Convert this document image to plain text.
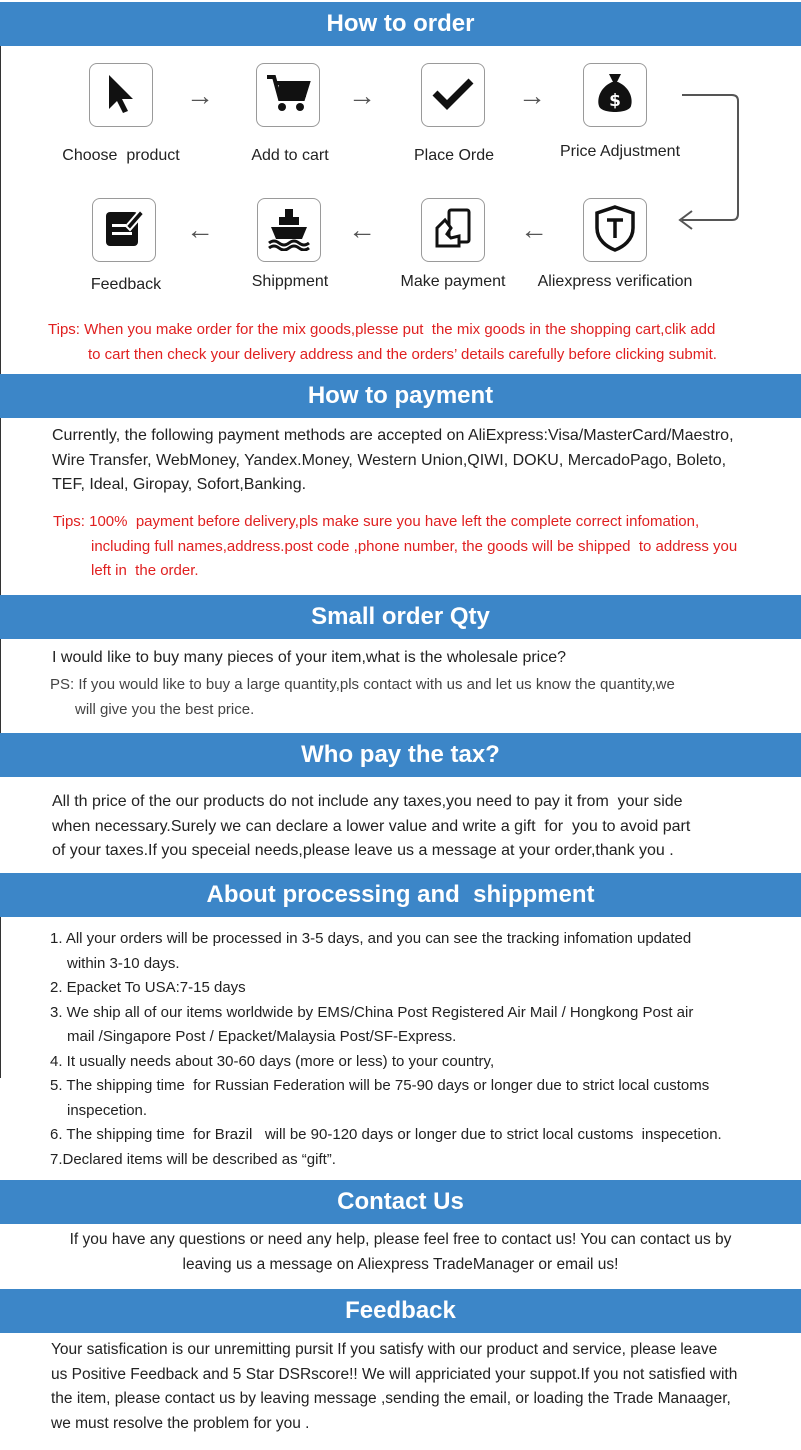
How to order
$
Choose  product	Add to cart	Place Orde	Price Adjustment
→	→	→
Feedback	Shippment	Make payment Aliexpress verification
←	←	←
Tips: When you make order for the mix goods,plesse put  the mix goods in the shopping cart,clik add
to cart then check your delivery address and the orders’ details carefully before clicking submit.
How to payment
Currently, the following payment methods are accepted on AliExpress:Visa/MasterCard/Maestro,
Wire Transfer, WebMoney, Yandex.Money, Western Union,QIWI, DOKU, MercadoPago, Boleto,
TEF, Ideal, Giropay, Sofort,Banking.
Tips: 100%  payment before delivery,pls make sure you have left the complete correct infomation,
including full names,address.post code ,phone number, the goods will be shipped  to address you
left in  the order.
Small order Qty
I would like to buy many pieces of your item,what is the wholesale price?
PS: If you would like to buy a large quantity,pls contact with us and let us know the quantity,we
will give you the best price.
Who pay the tax?
All th price of the our products do not include any taxes,you need to pay it from  your side
when necessary.Surely we can declare a lower value and write a gift  for  you to avoid part
of your taxes.If you speceial needs,please leave us a message at your order,thank you .
About processing and  shippment
1. All your orders will be processed in 3-5 days, and you can see the tracking infomation updated
within 3-10 days.
2. Epacket To USA:7-15 days
3. We ship all of our items worldwide by EMS/China Post Registered Air Mail / Hongkong Post air
mail /Singapore Post / Epacket/Malaysia Post/SF-Express.
4. It usually needs about 30-60 days (more or less) to your country,
5. The shipping time  for Russian Federation will be 75-90 days or longer due to strict local customs
inspecetion.
6. The shipping time  for Brazil   will be 90-120 days or longer due to strict local customs  inspecetion.
7.Declared items will be described as “gift”.
Contact Us
If you have any questions or need any help, please feel free to contact us! You can contact us by
leaving us a message on Aliexpress TradeManager or email us!
Feedback
Your satisfication is our unremitting pursit If you satisfy with our product and service, please leave
us Positive Feedback and 5 Star DSRscore!! We will appriciated your suppot.If you not satisfied with
the item, please contact us by leaving message ,sending the email, or loading the Trade Manaager,
we must resolve the problem for you .
